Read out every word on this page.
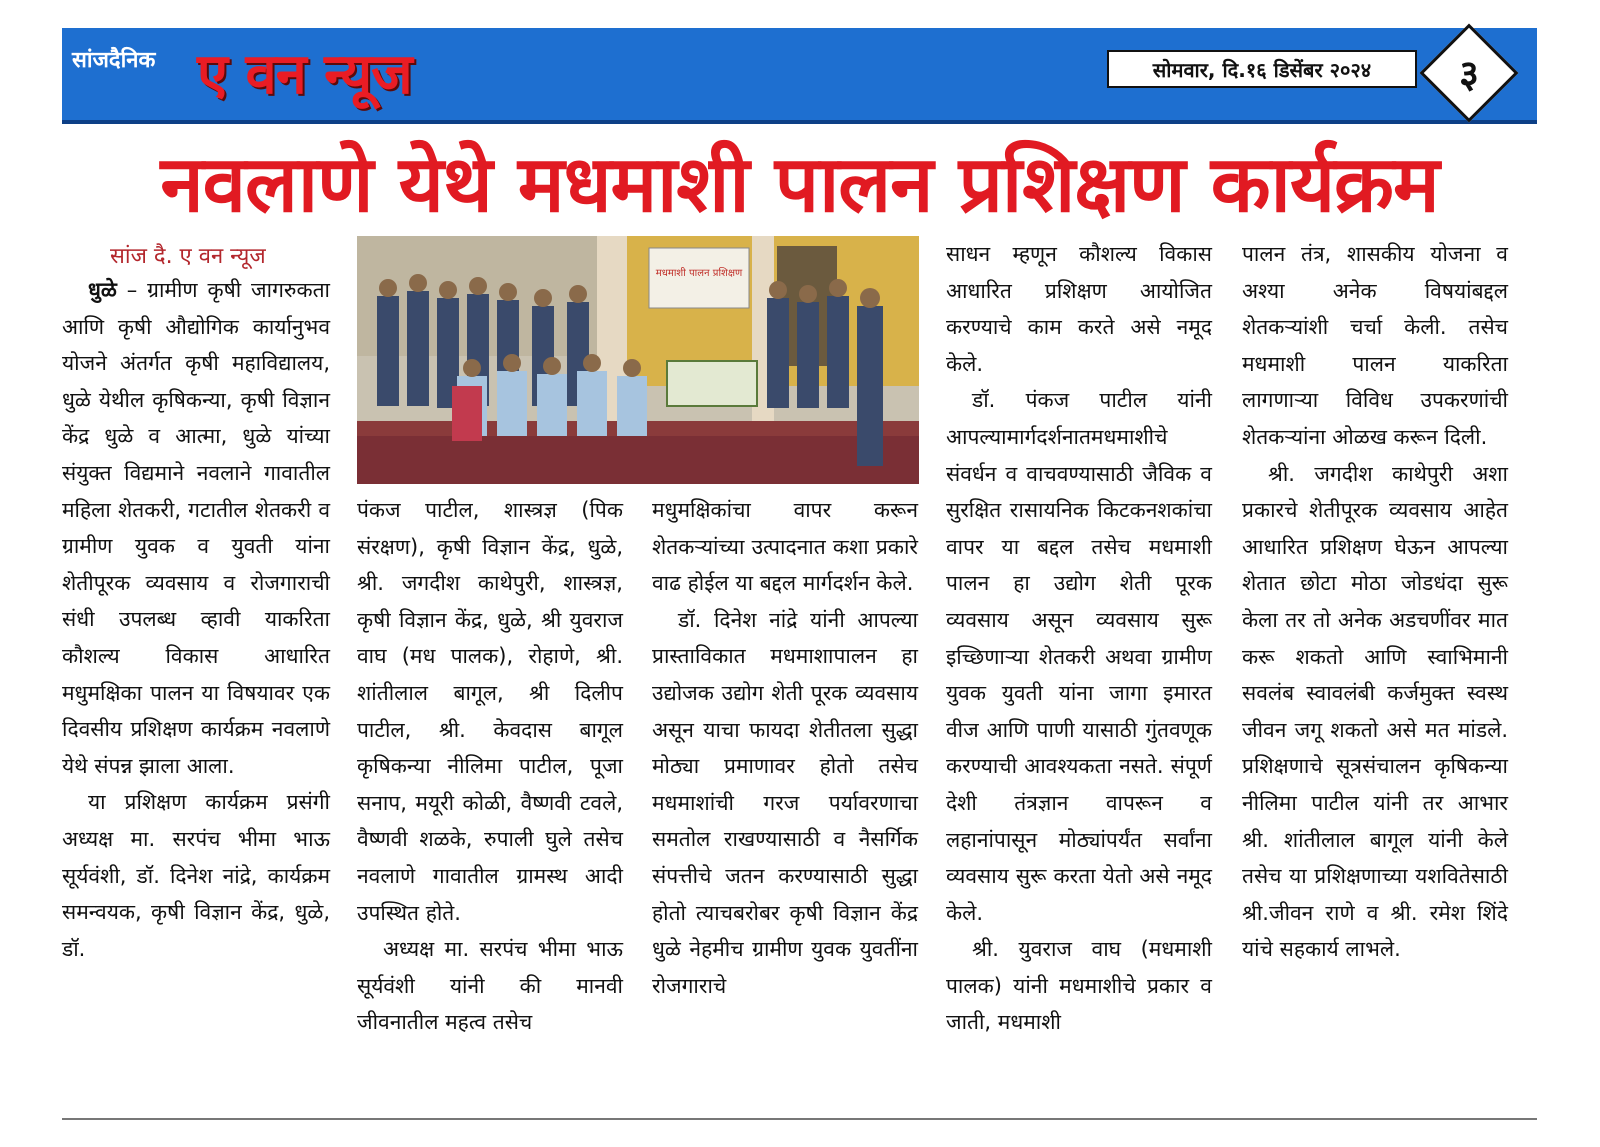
सांजदैनिक ए वन न्यूज	सोमवार, दि.१६ डिसेंबर २०२४	३
नवलाणे येथे मधमाशी पालन प्रशिक्षण कार्यक्रम
सांज दै. ए वन न्यूज

धुळे – ग्रामीण कृषी जागरुकता आणि कृषी औद्योगिक कार्यानुभव योजने अंतर्गत कृषी महाविद्यालय, धुळे येथील कृषिकन्या, कृषी विज्ञान केंद्र धुळे व आत्मा, धुळे यांच्या संयुक्त विद्यमाने नवलाने गावातील महिला शेतकरी, गटातील शेतकरी व ग्रामीण युवक व युवती यांना शेतीपूरक व्यवसाय व रोजगाराची संधी उपलब्ध व्हावी याकरिता कौशल्य विकास आधारित मधुमक्षिका पालन या विषयावर एक दिवसीय प्रशिक्षण कार्यक्रम नवलाणे येथे संपन्न झाला आला.

या प्रशिक्षण कार्यक्रम प्रसंगी अध्यक्ष मा. सरपंच भीमा भाऊ सूर्यवंशी, डॉ. दिनेश नांद्रे, कार्यक्रम समन्वयक, कृषी विज्ञान केंद्र, धुळे, डॉ.

मधमाशी पालन प्रशिक्षण

पंकज पाटील, शास्त्रज्ञ (पिक संरक्षण), कृषी विज्ञान केंद्र, धुळे, श्री. जगदीश काथेपुरी, शास्त्रज्ञ, कृषी विज्ञान केंद्र, धुळे, श्री युवराज वाघ (मध पालक), रोहाणे, श्री. शांतीलाल बागूल, श्री दिलीप पाटील, श्री. केवदास बागूल कृषिकन्या नीलिमा पाटील, पूजा सनाप, मयूरी कोळी, वैष्णवी टवले, वैष्णवी शळके, रुपाली घुले तसेच नवलाणे गावातील ग्रामस्थ आदी उपस्थित होते.

अध्यक्ष मा. सरपंच भीमा भाऊ सूर्यवंशी यांनी की मानवी जीवनातील महत्व तसेच

मधुमक्षिकांचा वापर करून शेतकऱ्यांच्या उत्पादनात कशा प्रकारे वाढ होईल या बद्दल मार्गदर्शन केले.

डॉ. दिनेश नांद्रे यांनी आपल्या प्रास्ताविकात मधमाशापालन हा उद्योजक उद्योग शेती पूरक व्यवसाय असून याचा फायदा शेतीतला सुद्धा मोठ्या प्रमाणावर होतो तसेच मधमाशांची गरज पर्यावरणाचा समतोल राखण्यासाठी व नैसर्गिक संपत्तीचे जतन करण्यासाठी सुद्धा होतो त्याचबरोबर कृषी विज्ञान केंद्र धुळे नेहमीच ग्रामीण युवक युवतींना रोजगाराचे

साधन म्हणून कौशल्य विकास आधारित प्रशिक्षण आयोजित करण्याचे काम करते असे नमूद केले.

डॉ. पंकज पाटील यांनी आपल्यामार्गदर्शनातमधमाशीचे संवर्धन व वाचवण्यासाठी जैविक व सुरक्षित रासायनिक किटकनशकांचा वापर या बद्दल तसेच मधमाशी पालन हा उद्योग शेती पूरक व्यवसाय असून व्यवसाय सुरू इच्छिणाऱ्या शेतकरी अथवा ग्रामीण युवक युवती यांना जागा इमारत वीज आणि पाणी यासाठी गुंतवणूक करण्याची आवश्यकता नसते. संपूर्ण देशी तंत्रज्ञान वापरून व लहानांपासून मोठ्यांपर्यंत सर्वांना व्यवसाय सुरू करता येतो असे नमूद केले.

श्री. युवराज वाघ (मधमाशी पालक) यांनी मधमाशीचे प्रकार व जाती, मधमाशी

पालन तंत्र, शासकीय योजना व अश्या अनेक विषयांबद्दल शेतकऱ्यांशी चर्चा केली. तसेच मधमाशी पालन याकरिता लागणाऱ्या विविध उपकरणांची शेतकऱ्यांना ओळख करून दिली.

श्री. जगदीश काथेपुरी अशा प्रकारचे शेतीपूरक व्यवसाय आहेत आधारित प्रशिक्षण घेऊन आपल्या शेतात छोटा मोठा जोडधंदा सुरू केला तर तो अनेक अडचणींवर मात करू शकतो आणि स्वाभिमानी सवलंब स्वावलंबी कर्जमुक्त स्वस्थ जीवन जगू शकतो असे मत मांडले. प्रशिक्षणाचे सूत्रसंचालन कृषिकन्या नीलिमा पाटील यांनी तर आभार श्री. शांतीलाल बागूल यांनी केले तसेच या प्रशिक्षणाच्या यशवितेसाठी श्री.जीवन राणे व श्री. रमेश शिंदे यांचे सहकार्य लाभले.
